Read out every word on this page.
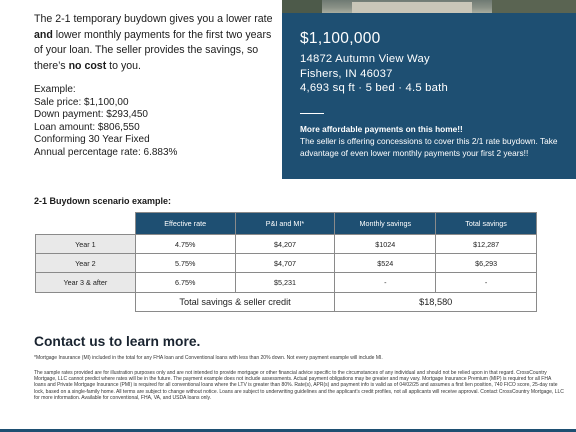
The 2-1 temporary buydown gives you a lower rate and lower monthly payments for the first two years of your loan. The seller provides the savings, so there’s no cost to you.
Example:
Sale price: $1,100,00
Down payment: $293,450
Loan amount: $806,550
Conforming 30 Year Fixed
Annual percentage rate: 6.883%
$1,100,000
14872 Autumn View Way
Fishers, IN 46037
4,693 sq ft · 5 bed · 4.5 bath
More affordable payments on this home!!
The seller is offering concessions to cover this 2/1 rate buydown. Take advantage of even lower monthly payments your first 2 years!!
2-1 Buydown scenario example:
	Effective rate	P&I and MI*	Monthly savings	Total savings
Year 1	4.75%	$4,207	$1024	$12,287
Year 2	5.75%	$4,707	$524	$6,293
Year 3 & after	6.75%	$5,231	-	-
	Total savings & seller credit		$18,580	
Contact us to learn more.
*Mortgage Insurance (MI) included in the total for any FHA loan and Conventional loans with less than 20% down. Not every payment example will include MI.
The sample rates provided are for illustration purposes only and are not intended to provide mortgage or other financial advice specific to the circumstances of any individual and should not be relied upon in that regard. CrossCountry Mortgage, LLC cannot predict where rates will be in the future. The payment example does not include assessments. Actual payment obligations may be greater and may vary. Mortgage Insurance Premium (MIP) is required for all FHA loans and Private Mortgage Insurance (PMI) is required for all conventional loans where the LTV is greater than 80%. Rate(s), APR(s) and payment info is valid as of 04/02/25 and assumes a first lien position, 740 FICO score, 25-day rate lock, based on a single-family home. All terms are subject to change without notice. Loans are subject to underwriting guidelines and the applicant’s credit profiles, not all applicants will receive approval. Contact CrossCountry Mortgage, LLC for more information. Available for conventional, FHA, VA, and USDA loans only.
